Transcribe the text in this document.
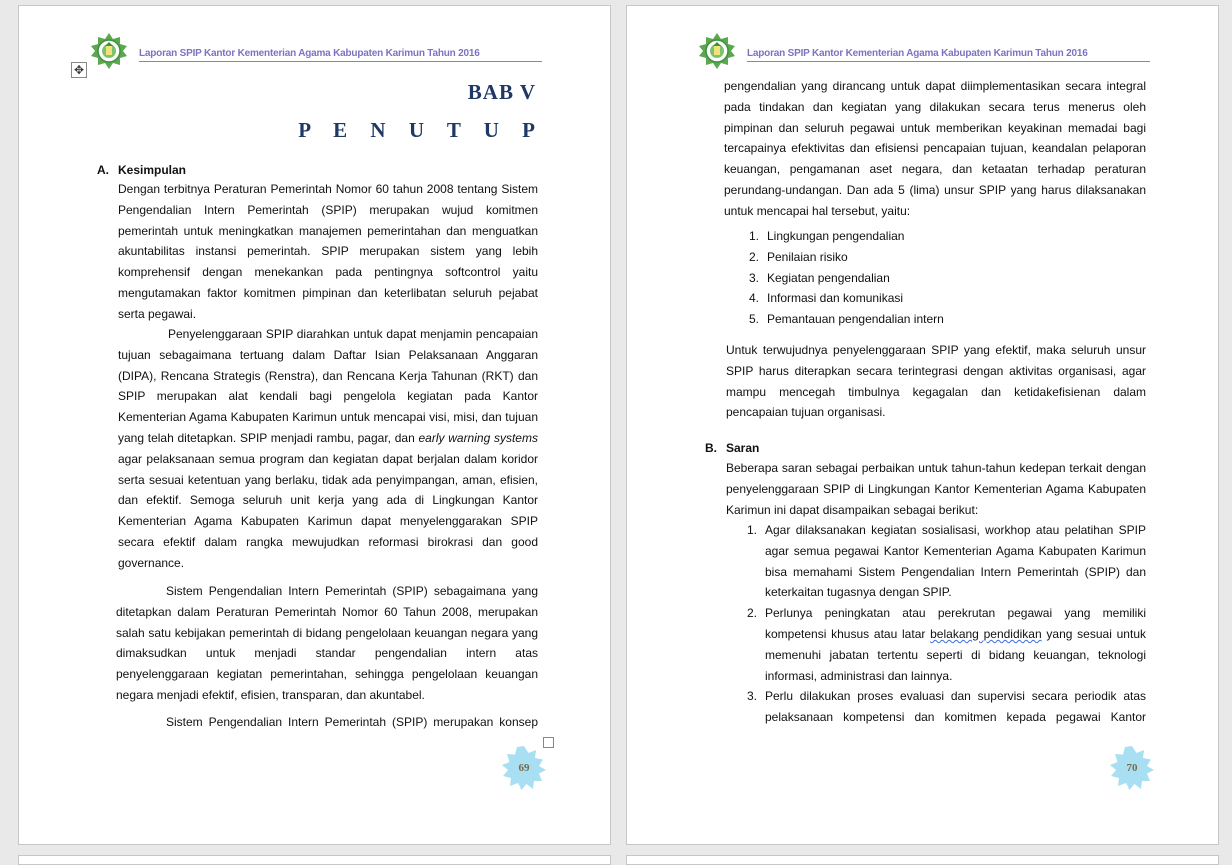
Laporan SPIP Kantor Kementerian Agama Kabupaten Karimun Tahun 2016
✥
BAB V
P E N U T U P
A. Kesimpulan

Dengan terbitnya Peraturan Pemerintah Nomor 60 tahun 2008 tentang Sistem Pengendalian Intern Pemerintah (SPIP) merupakan wujud komitmen pemerintah untuk meningkatkan manajemen pemerintahan dan menguatkan akuntabilitas instansi pemerintah. SPIP merupakan sistem yang lebih komprehensif dengan menekankan pada pentingnya softcontrol yaitu mengutamakan faktor komitmen pimpinan dan keterlibatan seluruh pejabat serta pegawai.

Penyelenggaraan SPIP diarahkan untuk dapat menjamin pencapaian tujuan sebagaimana tertuang dalam Daftar Isian Pelaksanaan Anggaran (DIPA), Rencana Strategis (Renstra), dan Rencana Kerja Tahunan (RKT) dan SPIP merupakan alat kendali bagi pengelola kegiatan pada Kantor Kementerian Agama Kabupaten Karimun untuk mencapai visi, misi, dan tujuan yang telah ditetapkan. SPIP menjadi rambu, pagar, dan early warning systems agar pelaksanaan semua program dan kegiatan dapat berjalan dalam koridor serta sesuai ketentuan yang berlaku, tidak ada penyimpangan, aman, efisien, dan efektif. Semoga seluruh unit kerja yang ada di Lingkungan Kantor Kementerian Agama Kabupaten Karimun dapat menyelenggarakan SPIP secara efektif dalam rangka mewujudkan reformasi birokrasi dan good governance.

Sistem Pengendalian Intern Pemerintah (SPIP) sebagaimana yang ditetapkan dalam Peraturan Pemerintah Nomor 60 Tahun 2008, merupakan salah satu kebijakan pemerintah di bidang pengelolaan keuangan negara yang dimaksudkan untuk menjadi standar pengendalian intern atas penyelenggaraan kegiatan pemerintahan, sehingga pengelolaan keuangan negara menjadi efektif, efisien, transparan, dan akuntabel.

Sistem Pengendalian Intern Pemerintah (SPIP) merupakan konsep

69
Laporan SPIP Kantor Kementerian Agama Kabupaten Karimun Tahun 2016

pengendalian yang dirancang untuk dapat diimplementasikan secara integral pada tindakan dan kegiatan yang dilakukan secara terus menerus oleh pimpinan dan seluruh pegawai untuk memberikan keyakinan memadai bagi tercapainya efektivitas dan efisiensi pencapaian tujuan, keandalan pelaporan keuangan, pengamanan aset negara, dan ketaatan terhadap peraturan perundang-undangan. Dan ada 5 (lima) unsur SPIP yang harus dilaksanakan untuk mencapai hal tersebut, yaitu:

1. Lingkungan pengendalian
2. Penilaian risiko
3. Kegiatan pengendalian
4. Informasi dan komunikasi
5. Pemantauan pengendalian intern

Untuk terwujudnya penyelenggaraan SPIP yang efektif, maka seluruh unsur SPIP harus diterapkan secara terintegrasi dengan aktivitas organisasi, agar mampu mencegah timbulnya kegagalan dan ketidakefisienan dalam pencapaian tujuan organisasi.

B. Saran

Beberapa saran sebagai perbaikan untuk tahun-tahun kedepan terkait dengan penyelenggaraan SPIP di Lingkungan Kantor Kementerian Agama Kabupaten Karimun ini dapat disampaikan sebagai berikut:

1. Agar dilaksanakan kegiatan sosialisasi, workhop atau pelatihan SPIP agar semua pegawai Kantor Kementerian Agama Kabupaten Karimun bisa memahami Sistem Pengendalian Intern Pemerintah (SPIP) dan keterkaitan tugasnya dengan SPIP.
2. Perlunya peningkatan atau perekrutan pegawai yang memiliki kompetensi khusus atau latar belakang pendidikan yang sesuai untuk memenuhi jabatan tertentu seperti di bidang keuangan, teknologi informasi, administrasi dan lainnya.
3. Perlu dilakukan proses evaluasi dan supervisi secara periodik atas pelaksanaan kompetensi dan komitmen kepada pegawai Kantor
70
